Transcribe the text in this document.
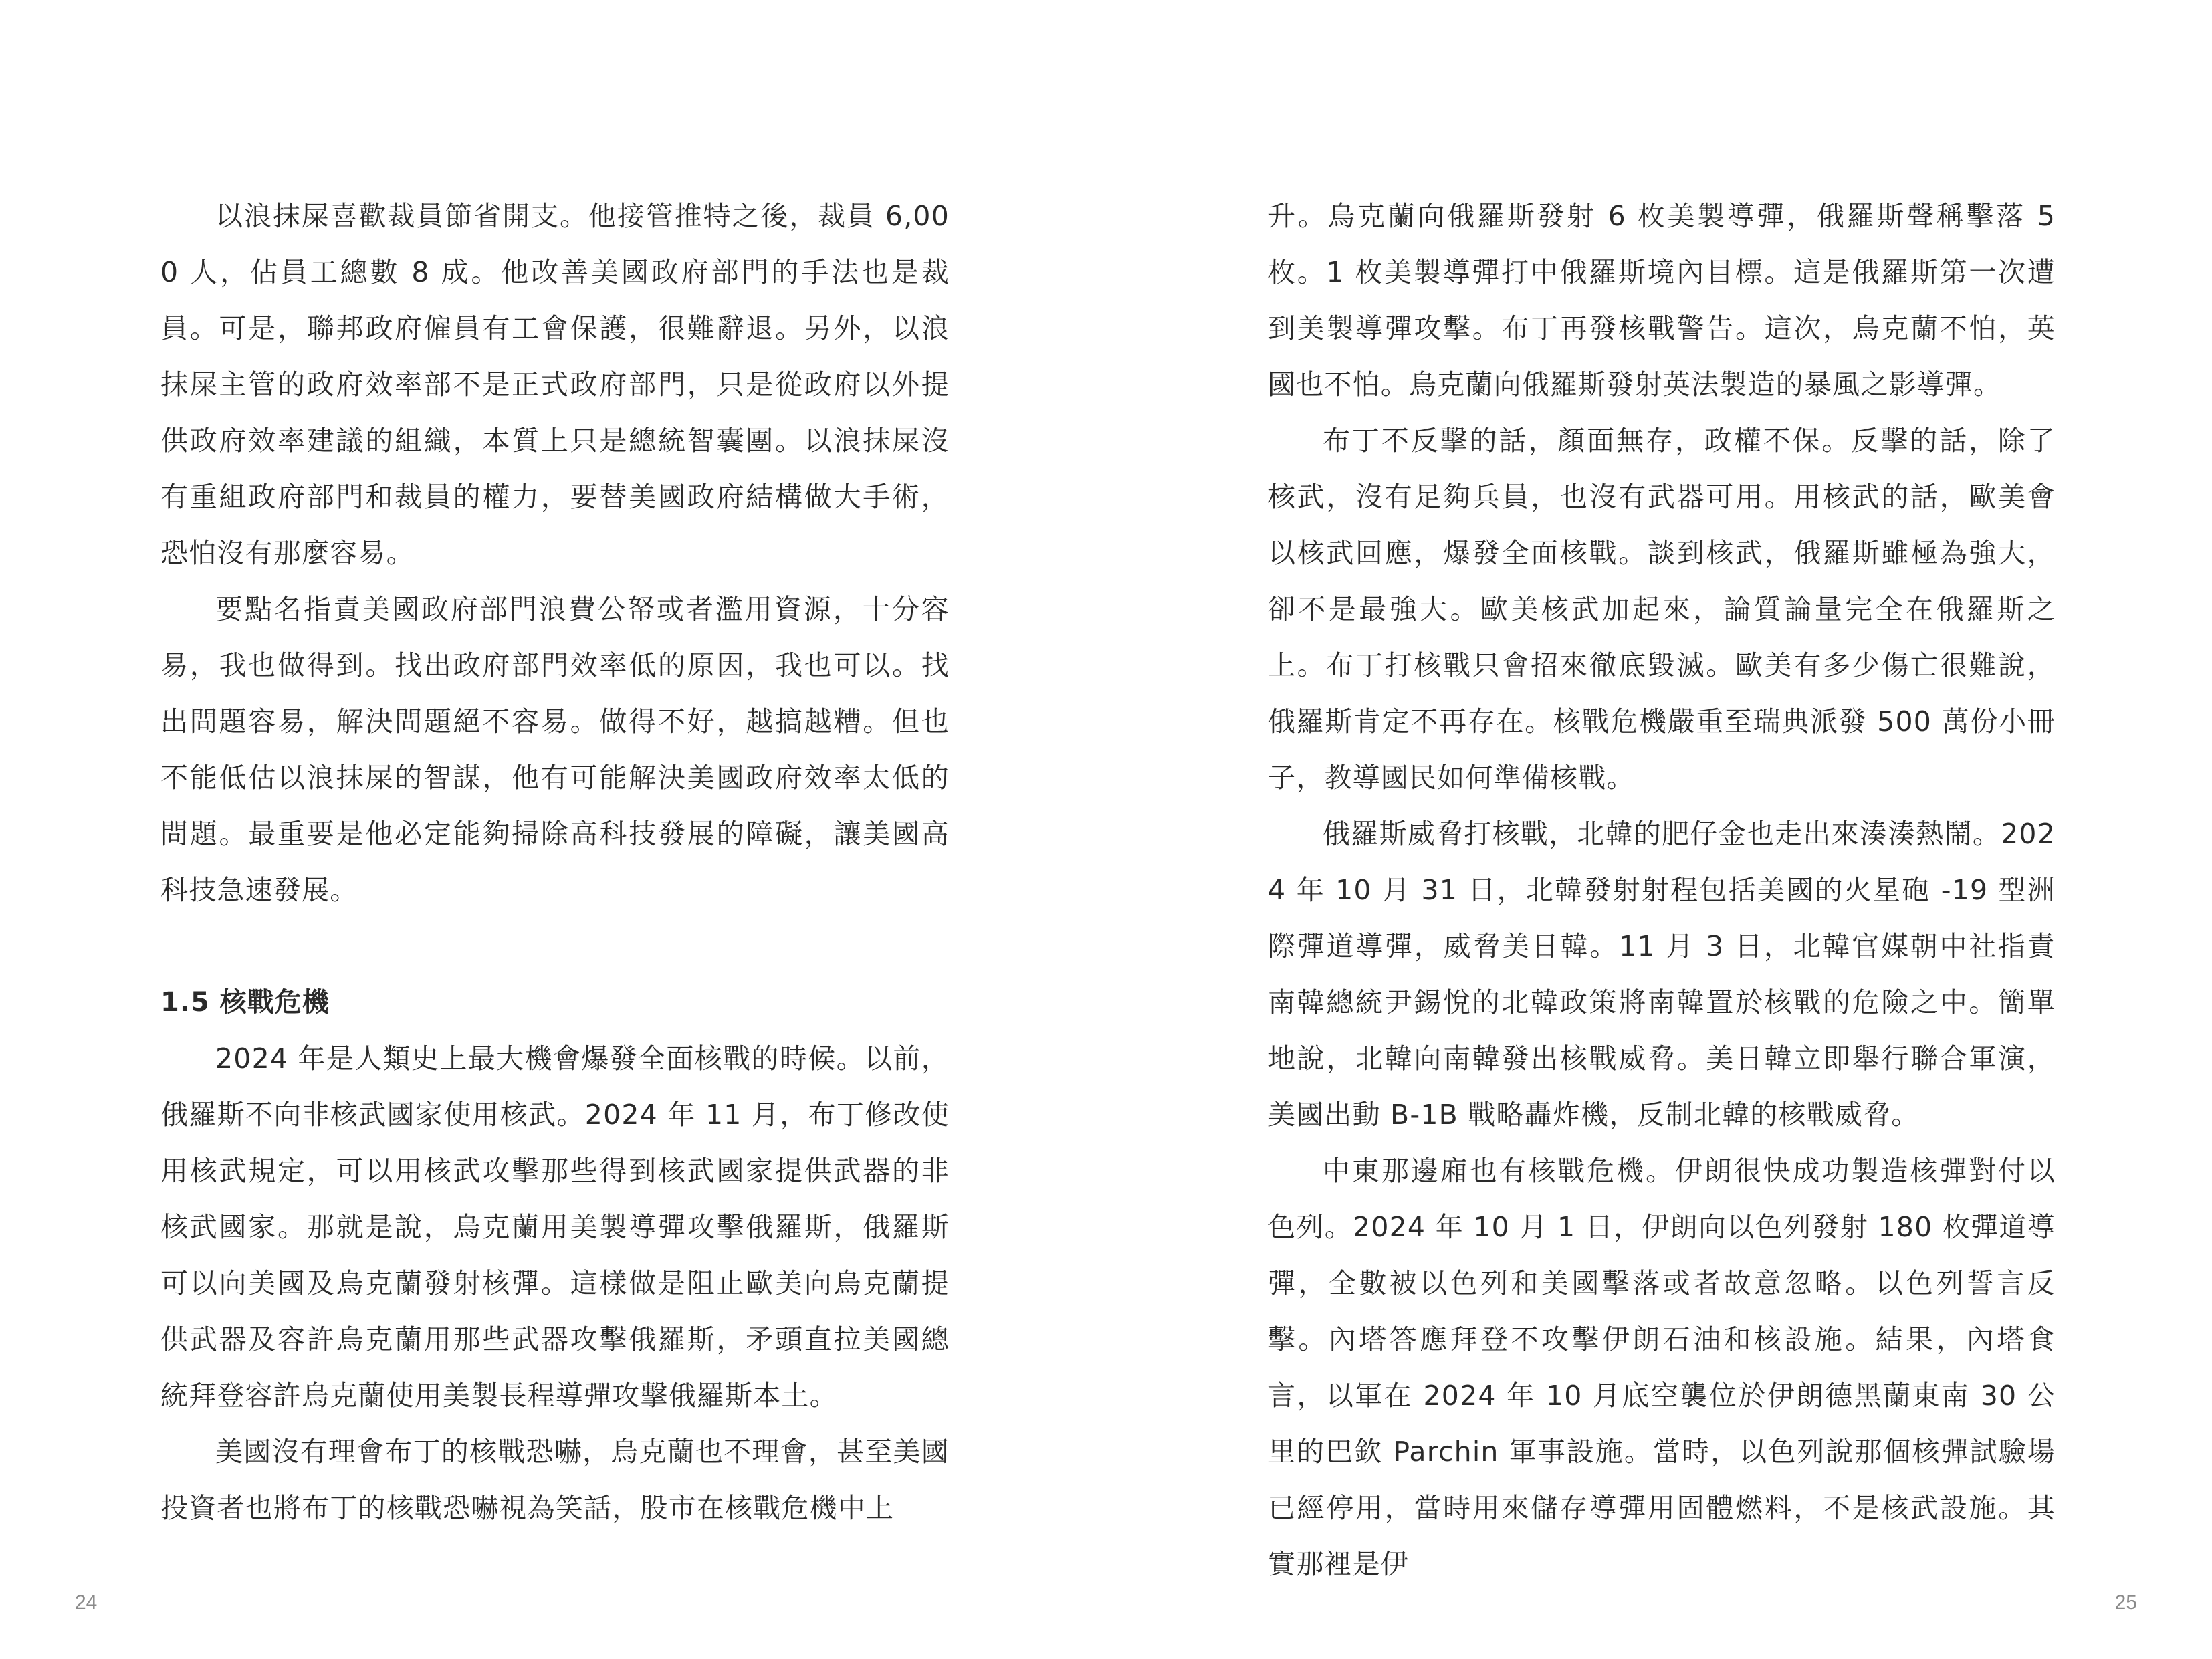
以浪抹屎喜歡裁員節省開支。他接管推特之後，裁員 6,000 人，佔員工總數 8 成。他改善美國政府部門的手法也是裁員。可是，聯邦政府僱員有工會保護，很難辭退。另外，以浪抹屎主管的政府效率部不是正式政府部門，只是從政府以外提供政府效率建議的組織，本質上只是總統智囊團。以浪抹屎沒有重組政府部門和裁員的權力，要替美國政府結構做大手術，恐怕沒有那麼容易。

要點名指責美國政府部門浪費公帑或者濫用資源，十分容易，我也做得到。找出政府部門效率低的原因，我也可以。找出問題容易，解決問題絕不容易。做得不好，越搞越糟。但也不能低估以浪抹屎的智謀，他有可能解決美國政府效率太低的問題。最重要是他必定能夠掃除高科技發展的障礙，讓美國高科技急速發展。

1.5 核戰危機

2024 年是人類史上最大機會爆發全面核戰的時候。以前，俄羅斯不向非核武國家使用核武。2024 年 11 月，布丁修改使用核武規定，可以用核武攻擊那些得到核武國家提供武器的非核武國家。那就是說，烏克蘭用美製導彈攻擊俄羅斯，俄羅斯可以向美國及烏克蘭發射核彈。這樣做是阻止歐美向烏克蘭提供武器及容許烏克蘭用那些武器攻擊俄羅斯，矛頭直拉美國總統拜登容許烏克蘭使用美製長程導彈攻擊俄羅斯本土。

美國沒有理會布丁的核戰恐嚇，烏克蘭也不理會，甚至美國投資者也將布丁的核戰恐嚇視為笑話，股市在核戰危機中上

24

升。烏克蘭向俄羅斯發射 6 枚美製導彈，俄羅斯聲稱擊落 5 枚。1 枚美製導彈打中俄羅斯境內目標。這是俄羅斯第一次遭到美製導彈攻擊。布丁再發核戰警告。這次，烏克蘭不怕，英國也不怕。烏克蘭向俄羅斯發射英法製造的暴風之影導彈。

布丁不反擊的話，顏面無存，政權不保。反擊的話，除了核武，沒有足夠兵員，也沒有武器可用。用核武的話，歐美會以核武回應，爆發全面核戰。談到核武，俄羅斯雖極為強大，卻不是最強大。歐美核武加起來，論質論量完全在俄羅斯之上。布丁打核戰只會招來徹底毀滅。歐美有多少傷亡很難說，俄羅斯肯定不再存在。核戰危機嚴重至瑞典派發 500 萬份小冊子，教導國民如何準備核戰。

俄羅斯威脅打核戰，北韓的肥仔金也走出來湊湊熱鬧。2024 年 10 月 31 日，北韓發射射程包括美國的火星砲 -19 型洲際彈道導彈，威脅美日韓。11 月 3 日，北韓官媒朝中社指責南韓總統尹錫悅的北韓政策將南韓置於核戰的危險之中。簡單地說，北韓向南韓發出核戰威脅。美日韓立即舉行聯合軍演，美國出動 B-1B 戰略轟炸機，反制北韓的核戰威脅。

中東那邊廂也有核戰危機。伊朗很快成功製造核彈對付以色列。2024 年 10 月 1 日，伊朗向以色列發射 180 枚彈道導彈，全數被以色列和美國擊落或者故意忽略。以色列誓言反擊。內塔答應拜登不攻擊伊朗石油和核設施。結果，內塔食言，以軍在 2024 年 10 月底空襲位於伊朗德黑蘭東南 30 公里的巴欽 Parchin 軍事設施。當時，以色列說那個核彈試驗場已經停用，當時用來儲存導彈用固體燃料，不是核武設施。其實那裡是伊

25
